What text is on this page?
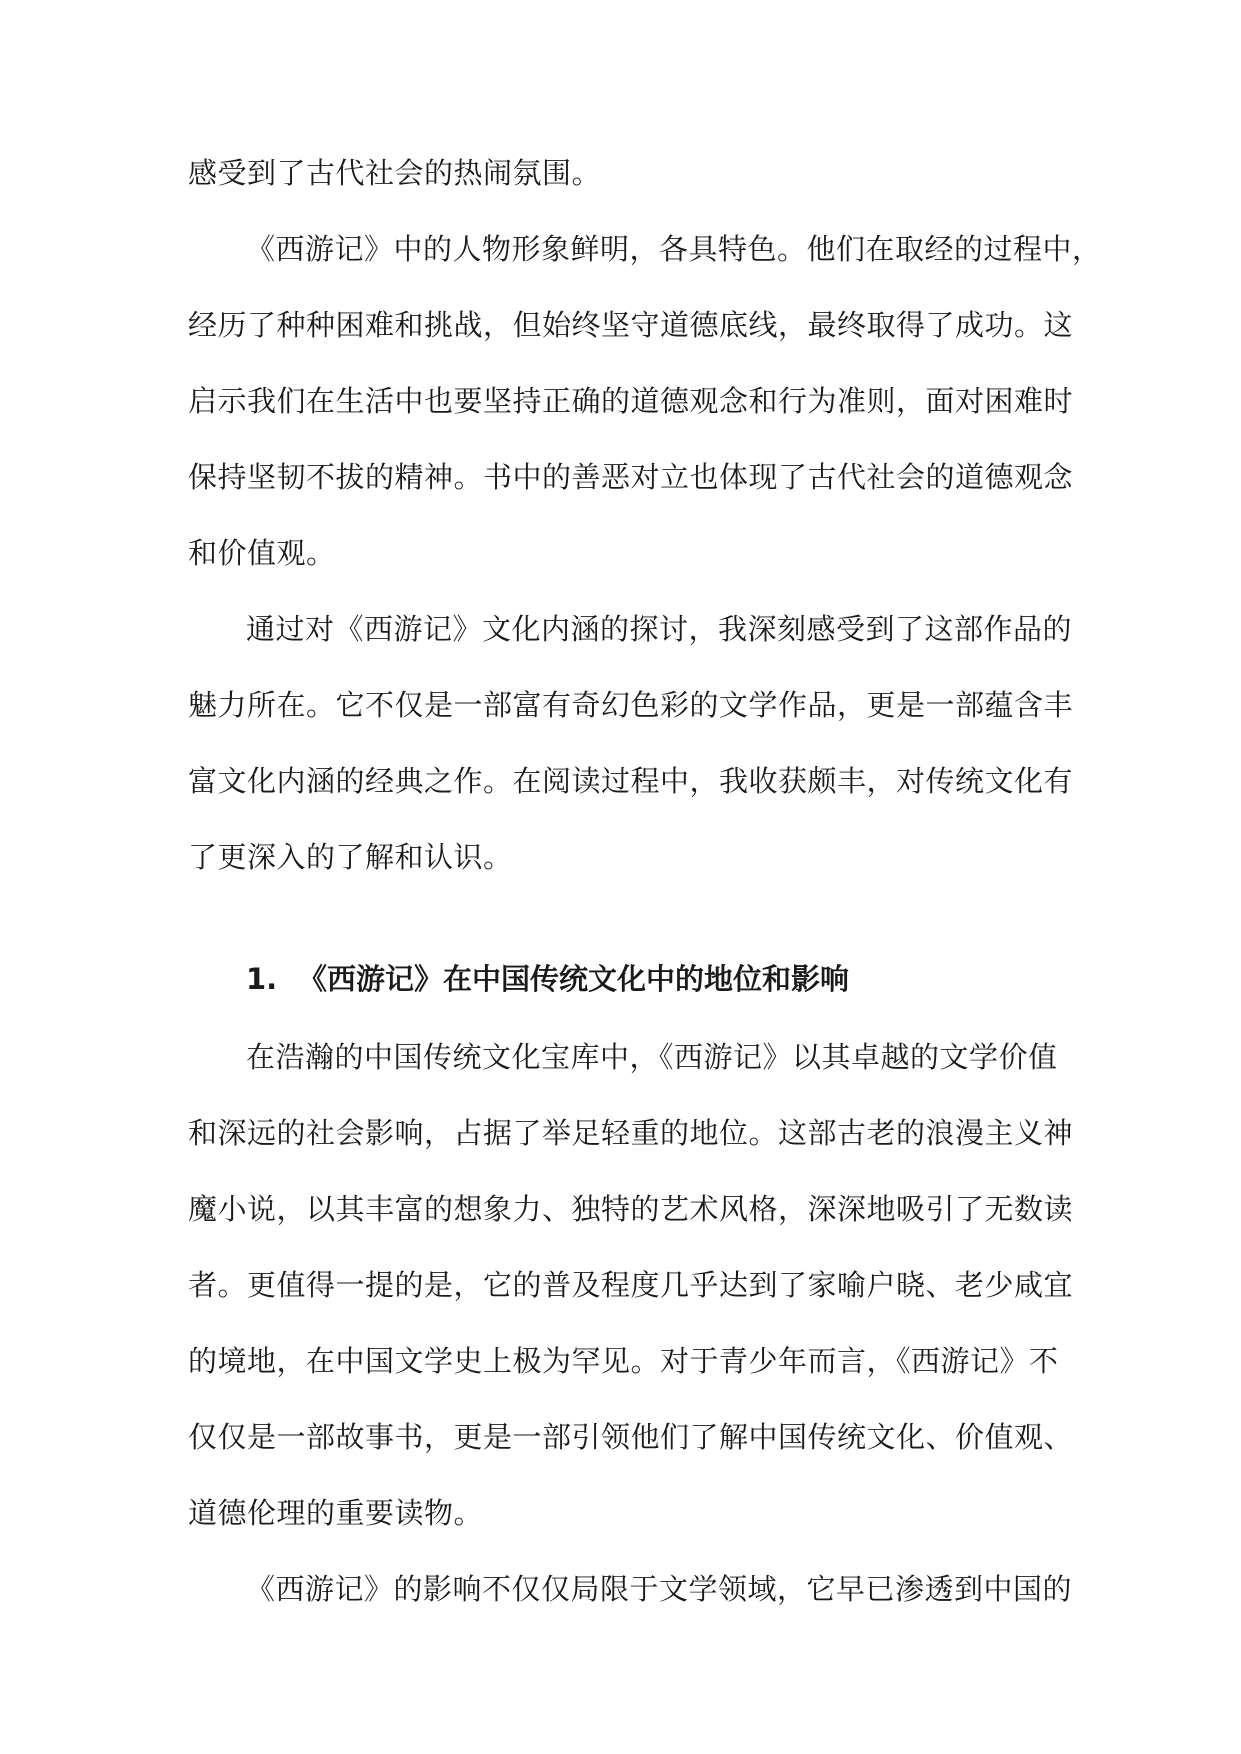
感受到了古代社会的热闹氛围。
《西游记》中的人物形象鲜明，各具特色。他们在取经的过程中，
经历了种种困难和挑战，但始终坚守道德底线，最终取得了成功。这
启示我们在生活中也要坚持正确的道德观念和行为准则，面对困难时
保持坚韧不拔的精神。书中的善恶对立也体现了古代社会的道德观念
和价值观。
通过对《西游记》文化内涵的探讨，我深刻感受到了这部作品的
魅力所在。它不仅是一部富有奇幻色彩的文学作品，更是一部蕴含丰
富文化内涵的经典之作。在阅读过程中，我收获颇丰，对传统文化有
了更深入的了解和认识。
1. 《西游记》在中国传统文化中的地位和影响
在浩瀚的中国传统文化宝库中，《西游记》以其卓越的文学价值
和深远的社会影响，占据了举足轻重的地位。这部古老的浪漫主义神
魔小说，以其丰富的想象力、独特的艺术风格，深深地吸引了无数读
者。更值得一提的是，它的普及程度几乎达到了家喻户晓、老少咸宜
的境地，在中国文学史上极为罕见。对于青少年而言，《西游记》不
仅仅是一部故事书，更是一部引领他们了解中国传统文化、价值观、
道德伦理的重要读物。
《西游记》的影响不仅仅局限于文学领域，它早已渗透到中国的
